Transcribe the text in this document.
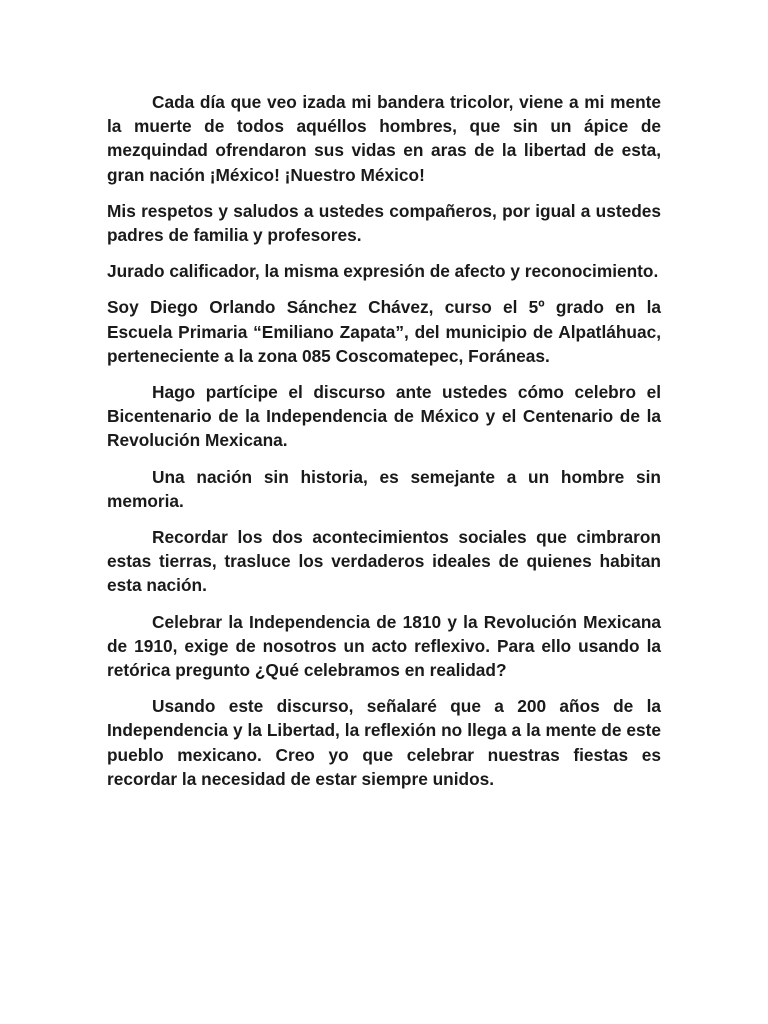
Cada día que veo izada mi bandera tricolor, viene a mi mente la muerte de todos aquéllos hombres, que sin un ápice de mezquindad ofrendaron sus vidas en aras de la libertad de esta, gran nación ¡México! ¡Nuestro México!

Mis respetos y saludos a ustedes compañeros, por igual a ustedes padres de familia y profesores.

Jurado calificador, la misma expresión de afecto y reconocimiento.

Soy Diego Orlando Sánchez Chávez, curso el 5º grado en la Escuela Primaria “Emiliano Zapata”, del municipio de Alpatláhuac, perteneciente a la zona 085 Coscomatepec, Foráneas.

Hago partícipe el discurso ante ustedes cómo celebro el Bicentenario de la Independencia de México y el Centenario de la Revolución Mexicana.

Una nación sin historia, es semejante a un hombre sin memoria.

Recordar los dos acontecimientos sociales que cimbraron estas tierras, trasluce los verdaderos ideales de quienes habitan esta nación.

Celebrar la Independencia de 1810 y la Revolución Mexicana de 1910, exige de nosotros un acto reflexivo. Para ello usando la retórica pregunto ¿Qué celebramos en realidad?

Usando este discurso, señalaré que a 200 años de la Independencia y la Libertad, la reflexión no llega a la mente de este pueblo mexicano. Creo yo que celebrar nuestras fiestas es recordar la necesidad de estar siempre unidos.
